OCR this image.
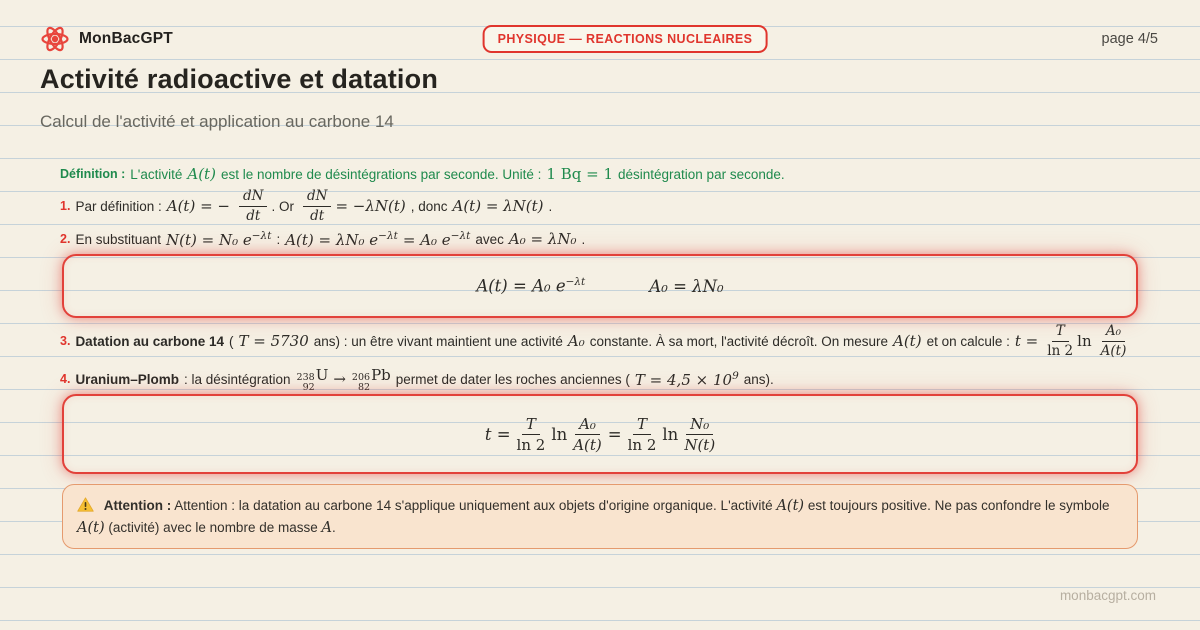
MonBacGPT	PHYSIQUE — REACTIONS NUCLEAIRES	page 4/5
Activité radioactive et datation
Calcul de l'activité et application au carbone 14
Définition : L'activité A(t) est le nombre de désintégrations par seconde. Unité : 1 Bq = 1 désintégration par seconde.
1. Par définition : A(t) = − $\frac{dN}{dt}$ . Or $\frac{dN}{dt} = -\lambda N(t)$ , donc A(t) = λN(t) .
2. En substituant N(t) = N₀ $e^{-\lambda t}$ : A(t) = λN₀ $e^{-\lambda t} = A_0$ $e^{-\lambda t}$ avec A₀ = λN₀ .
A(t) = A₀ $e^{-\lambda t}$	A₀ = λN₀
3. Datation au carbone 14 ( T = 5730 ans) : un être vivant maintient une activité A₀ constante. À sa mort, l'activité décroît. On mesure A(t) et on calcule : $t = \frac{T}{\ln 2}$ $\ln \frac{\text{A₀}}{A(t)}$
4. Uranium–Plomb : la désintégration 238
92
U → 206
82
Pb permet de dater les roches anciennes ( $T = 4,5 \times 10^9$ ans).
$t = \frac{T}{\ln 2}$ $\ln \frac{\text{A₀}}{A(t)} = \frac{T}{\ln 2}$ $\ln \frac{\text{N₀}}{N(t)}$
Attention : Attention : la datation au carbone 14 s'applique uniquement aux objets d'origine organique. L'activité A(t) est toujours positive. Ne pas confondre le symbole A(t) (activité) avec le nombre de masse A.
monbacgpt.com
